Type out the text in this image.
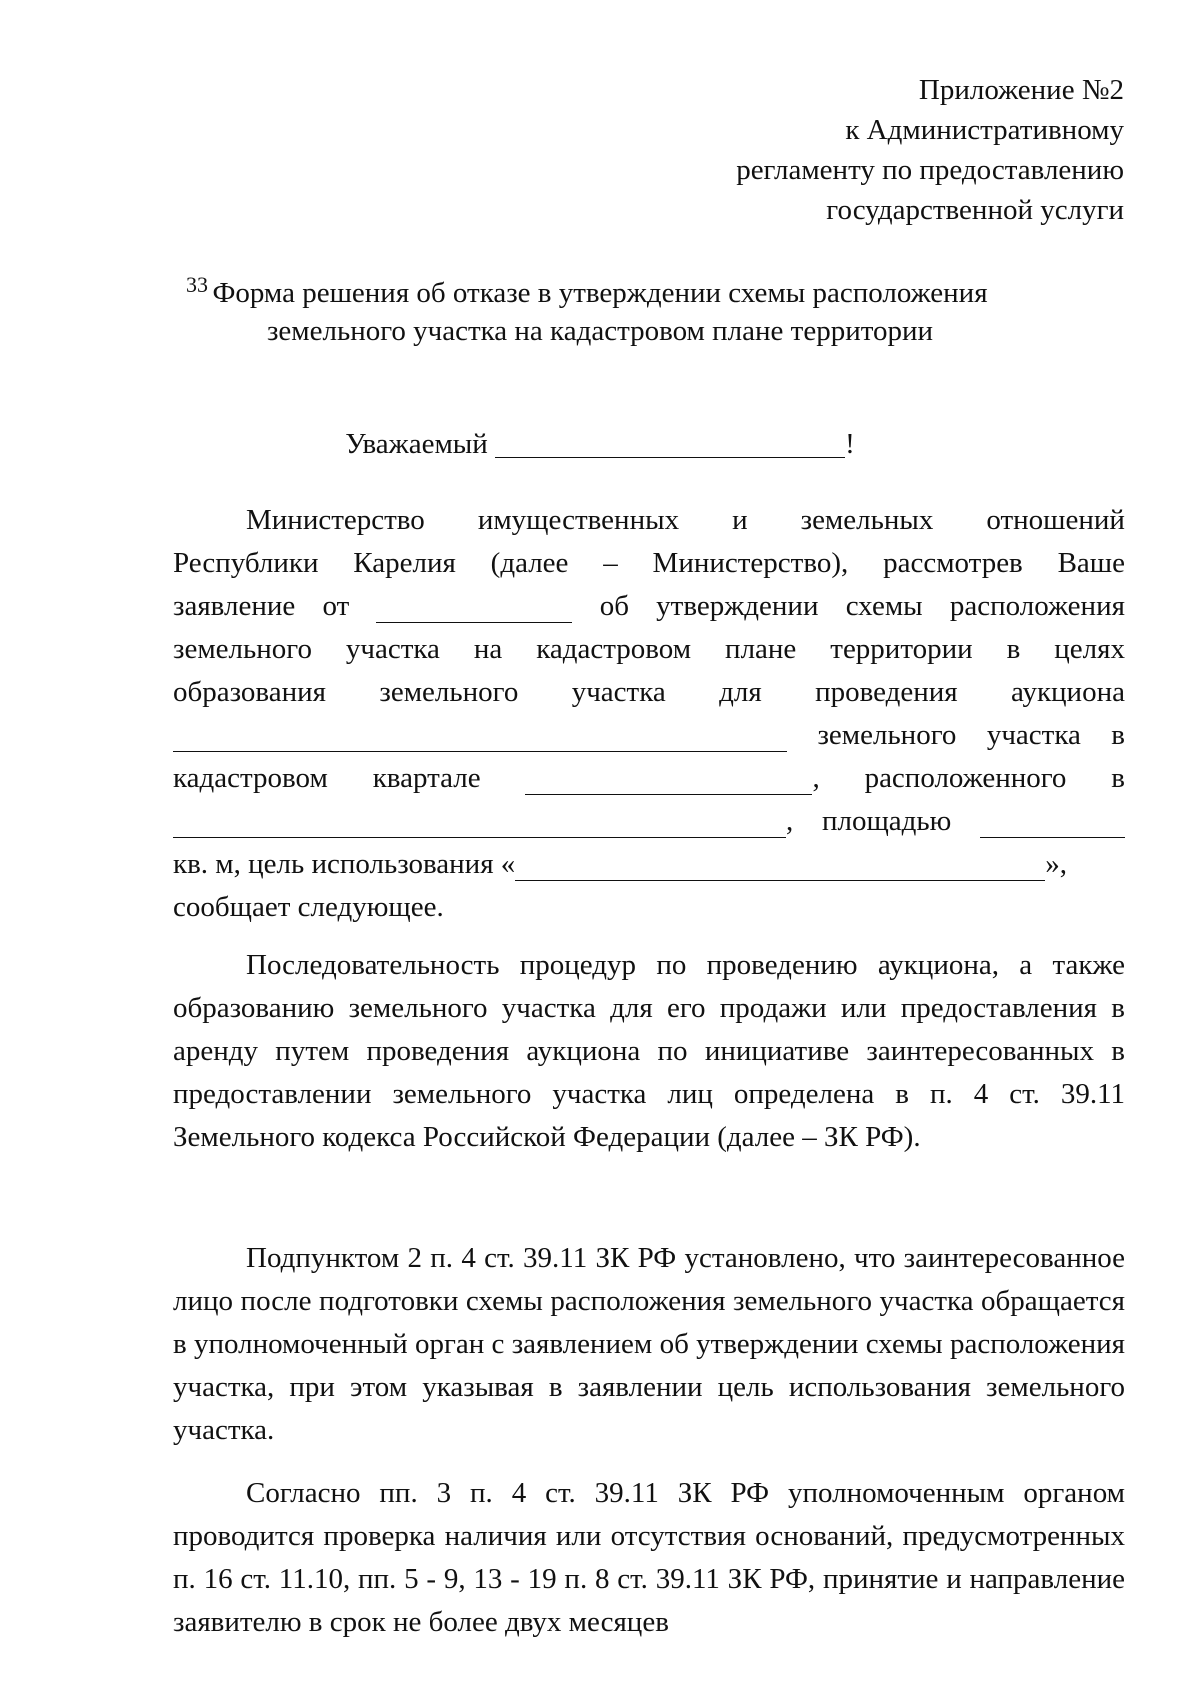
Приложение №2
к Административному
регламенту по предоставлению
государственной услуги
33 Форма решения об отказе в утверждении схемы расположения
земельного участка на кадастровом плане территории
Уважаемый	!
Министерство имущественных и земельных отношений
Республики Карелия (далее – Министерство), рассмотрев Ваше
заявление от	об утверждении схемы расположения
земельного участка на кадастровом плане территории в целях
образования земельного участка для проведения аукциона
земельного участка в
кадастровом квартале	, расположенного в
, площадью
кв. м, цель использования «	»,
сообщает следующее.

Последовательность процедур по проведению аукциона, а также образованию земельного участка для его продажи или предоставления в аренду путем проведения аукциона по инициативе заинтересованных в предоставлении земельного участка лиц определена в п. 4 ст. 39.11 Земельного кодекса Российской Федерации (далее – ЗК РФ).

Подпунктом 2 п. 4 ст. 39.11 ЗК РФ установлено, что заинтересованное лицо после подготовки схемы расположения земельного участка обращается в уполномоченный орган с заявлением об утверждении схемы расположения участка, при этом указывая в заявлении цель использования земельного участка.

Согласно пп. 3 п. 4 ст. 39.11 ЗК РФ уполномоченным органом проводится проверка наличия или отсутствия оснований, предусмотренных п. 16 ст. 11.10, пп. 5 - 9, 13 - 19 п. 8 ст. 39.11 ЗК РФ, принятие и направление заявителю в срок не более двух месяцев
